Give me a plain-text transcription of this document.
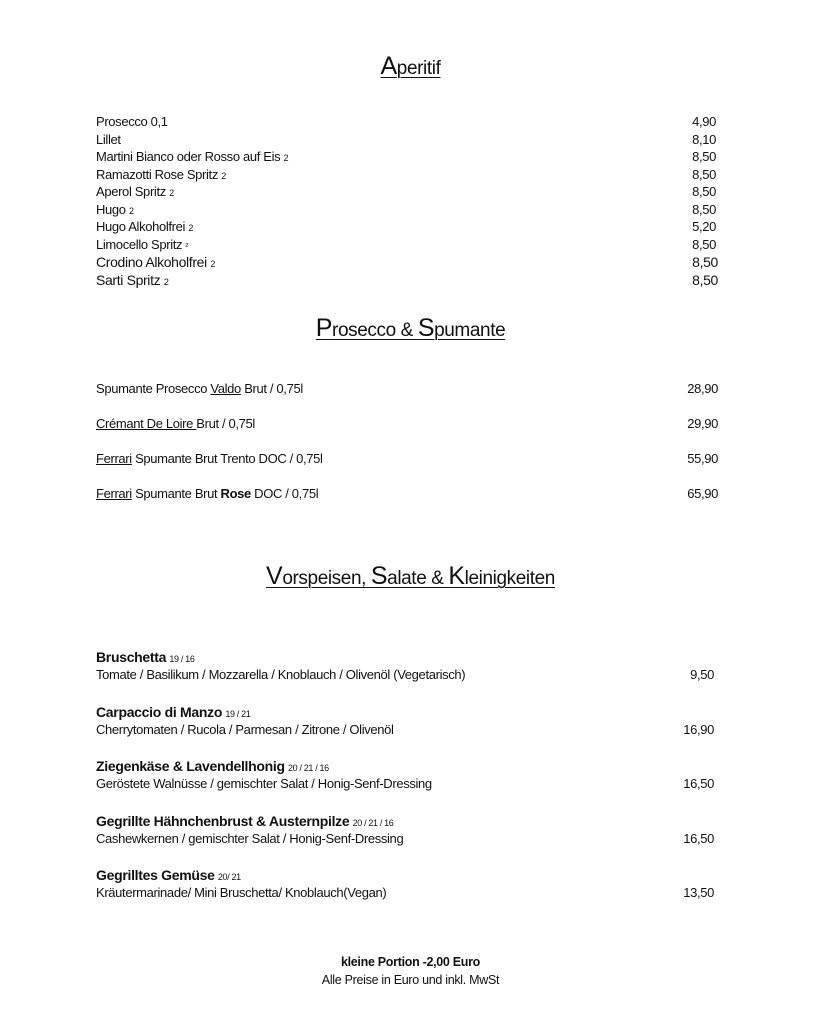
Aperitif
Prosecco 0,1	4,90
Lillet	8,10
Martini Bianco oder Rosso auf Eis 2	8,50
Ramazotti Rose Spritz 2	8,50
Aperol Spritz 2	8,50
Hugo 2	8,50
Hugo Alkoholfrei 2	5,20
Limocello Spritz ²	8,50
Crodino Alkoholfrei 2	8,50
Sarti Spritz 2	8,50
Prosecco & Spumante
Spumante Prosecco Valdo Brut / 0,75l	28,90
Crémant De Loire Brut / 0,75l	29,90
Ferrari Spumante Brut Trento DOC / 0,75l	55,90
Ferrari Spumante Brut Rose DOC / 0,75l	65,90
Vorspeisen, Salate & Kleinigkeiten
Bruschetta 19 / 16
Tomate / Basilikum / Mozzarella / Knoblauch / Olivenöl (Vegetarisch)	9,50
Carpaccio di Manzo 19 / 21
Cherrytomaten / Rucola / Parmesan / Zitrone / Olivenöl	16,90
Ziegenkäse & Lavendellhonig 20 / 21 / 16
Geröstete Walnüsse / gemischter Salat / Honig-Senf-Dressing	16,50
Gegrillte Hähnchenbrust & Austernpilze 20 / 21 / 16
Cashewkernen / gemischter Salat / Honig-Senf-Dressing	16,50
Gegrilltes Gemüse 20/ 21
Kräutermarinade/ Mini Bruschetta/ Knoblauch(Vegan)	13,50
kleine Portion -2,00 Euro
Alle Preise in Euro und inkl. MwSt
